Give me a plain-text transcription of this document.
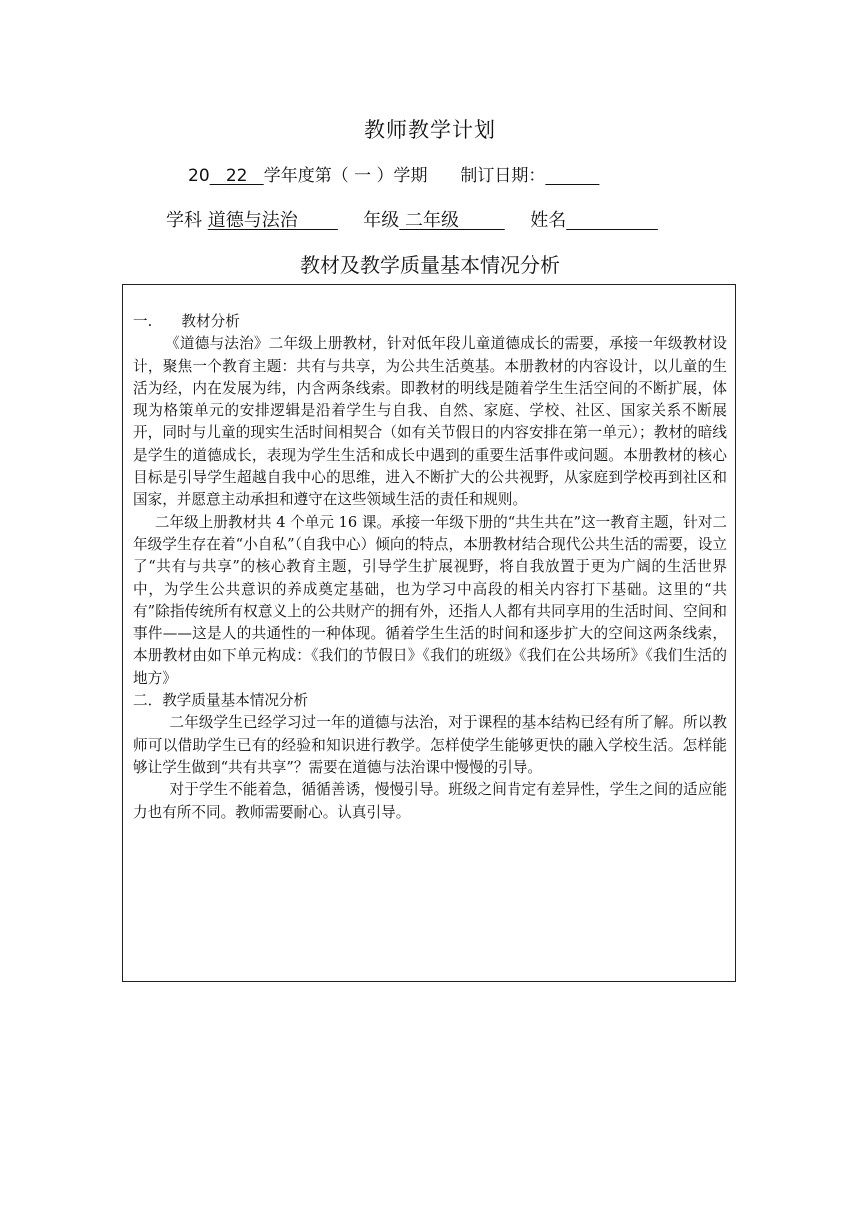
教师教学计划
20 22 学年度第（ 一 ）学期 制订日期：
学科 道德与法治	年级 二年级	姓名
教材及教学质量基本情况分析

一.　　教材分析

《道德与法治》二年级上册教材，针对低年段儿童道德成长的需要，承接一年级教材设计，聚焦一个教育主题：共有与共享，为公共生活奠基。本册教材的内容设计，以儿童的生活为经，内在发展为纬，内含两条线索。即教材的明线是随着学生生活空间的不断扩展，体现为格策单元的安排逻辑是沿着学生与自我、自然、家庭、学校、社区、国家关系不断展开，同时与儿童的现实生活时间相契合（如有关节假日的内容安排在第一单元）；教材的暗线是学生的道德成长，表现为学生生活和成长中遇到的重要生活事件或问题。本册教材的核心目标是引导学生超越自我中心的思维，进入不断扩大的公共视野，从家庭到学校再到社区和国家，并愿意主动承担和遵守在这些领域生活的责任和规则。

二年级上册教材共 4 个单元 16 课。承接一年级下册的“共生共在”这一教育主题，针对二年级学生存在着“小自私”（自我中心）倾向的特点，本册教材结合现代公共生活的需要，设立了“共有与共享”的核心教育主题，引导学生扩展视野，将自我放置于更为广阔的生活世界中，为学生公共意识的养成奠定基础，也为学习中高段的相关内容打下基础。这里的“共有”除指传统所有权意义上的公共财产的拥有外，还指人人都有共同享用的生活时间、空间和事件——这是人的共通性的一种体现。循着学生生活的时间和逐步扩大的空间这两条线索，本册教材由如下单元构成：《我们的节假日》《我们的班级》《我们在公共场所》《我们生活的地方》

二．教学质量基本情况分析

二年级学生已经学习过一年的道德与法治，对于课程的基本结构已经有所了解。所以教师可以借助学生已有的经验和知识进行教学。怎样使学生能够更快的融入学校生活。怎样能够让学生做到“共有共享”？需要在道德与法治课中慢慢的引导。

对于学生不能着急，循循善诱，慢慢引导。班级之间肯定有差异性，学生之间的适应能力也有所不同。教师需要耐心。认真引导。
